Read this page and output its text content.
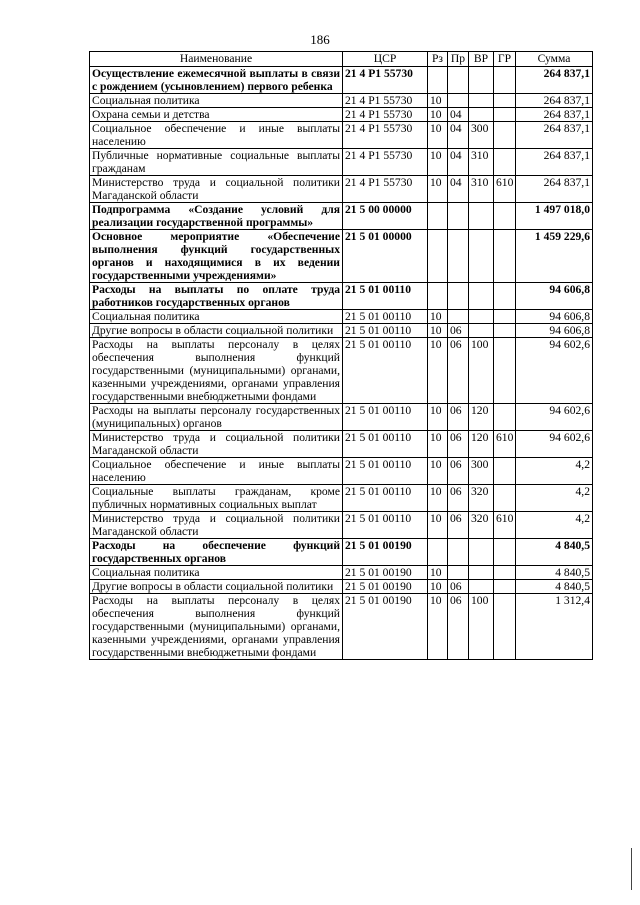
186
Наименование	ЦСР	Рз	Пр	ВР	ГР	Сумма
Осуществление ежемесячной выплаты в связи с рождением (усыновлением) первого ребенка	21 4 P1 55730					264 837,1
Социальная политика	21 4 P1 55730	10				264 837,1
Охрана семьи и детства	21 4 P1 55730	10	04			264 837,1
Социальное обеспечение и иные выплаты населению	21 4 P1 55730	10	04	300		264 837,1
Публичные нормативные социальные выплаты гражданам	21 4 P1 55730	10	04	310		264 837,1
Министерство труда и социальной политики Магаданской области	21 4 P1 55730	10	04	310	610	264 837,1
Подпрограмма «Создание условий для реализации государственной программы»	21 5 00 00000					1 497 018,0
Основное мероприятие «Обеспечение выполнения функций государственных органов и находящимися в их ведении государственными учреждениями»	21 5 01 00000					1 459 229,6
Расходы на выплаты по оплате труда работников государственных органов	21 5 01 00110					94 606,8
Социальная политика	21 5 01 00110	10				94 606,8
Другие вопросы в области социальной политики	21 5 01 00110	10	06			94 606,8
Расходы на выплаты персоналу в целях обеспечения выполнения функций государственными (муниципальными) органами, казенными учреждениями, органами управления государственными внебюджетными фондами	21 5 01 00110	10	06	100		94 602,6
Расходы на выплаты персоналу государственных (муниципальных) органов	21 5 01 00110	10	06	120		94 602,6
Министерство труда и социальной политики Магаданской области	21 5 01 00110	10	06	120	610	94 602,6
Социальное обеспечение и иные выплаты населению	21 5 01 00110	10	06	300		4,2
Социальные выплаты гражданам, кроме публичных нормативных социальных выплат	21 5 01 00110	10	06	320		4,2
Министерство труда и социальной политики Магаданской области	21 5 01 00110	10	06	320	610	4,2
Расходы на обеспечение функций государственных органов	21 5 01 00190					4 840,5
Социальная политика	21 5 01 00190	10				4 840,5
Другие вопросы в области социальной политики	21 5 01 00190	10	06			4 840,5
Расходы на выплаты персоналу в целях обеспечения выполнения функций государственными (муниципальными) органами, казенными учреждениями, органами управления государственными внебюджетными фондами	21 5 01 00190	10	06	100		1 312,4
